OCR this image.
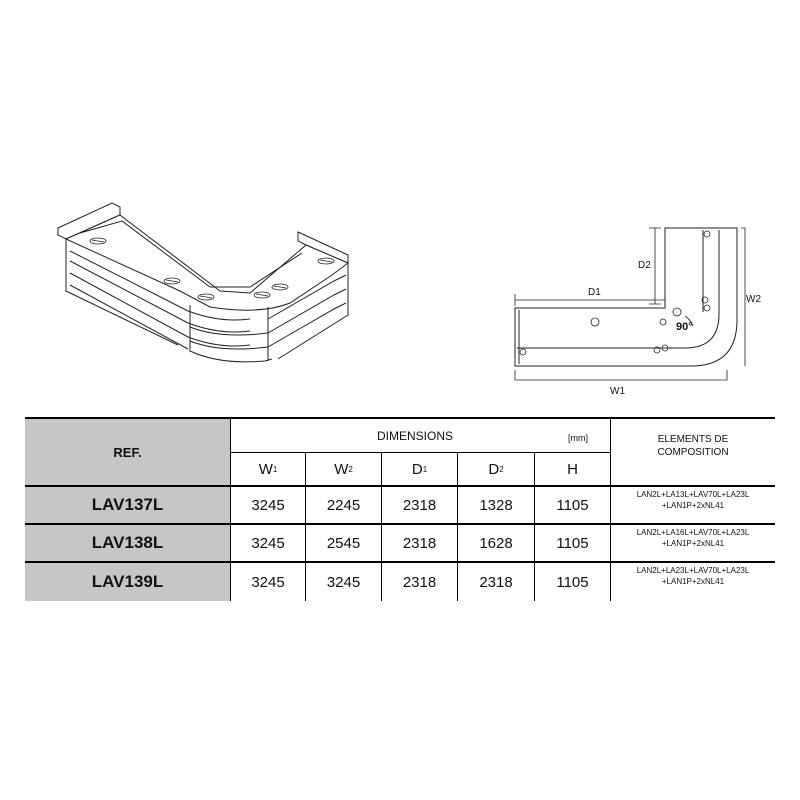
D2
D1
W2
90°
W1
REF.
DIMENSIONS	[mm]	ELEMENTS DE
COMPOSITION
W 1	W 2	D 1	D 2	H
LAV137L	3245	2245	2318	1328	1105
LAN2L+LA13L+LAV70L+LA23L
+LAN1P+2xNL41
LAV138L	3245	2545	2318	1628	1105
LAN2L+LA16L+LAV70L+LA23L
+LAN1P+2xNL41
LAV139L	3245	3245	2318	2318	1105
LAN2L+LA23L+LAV70L+LA23L
+LAN1P+2xNL41
